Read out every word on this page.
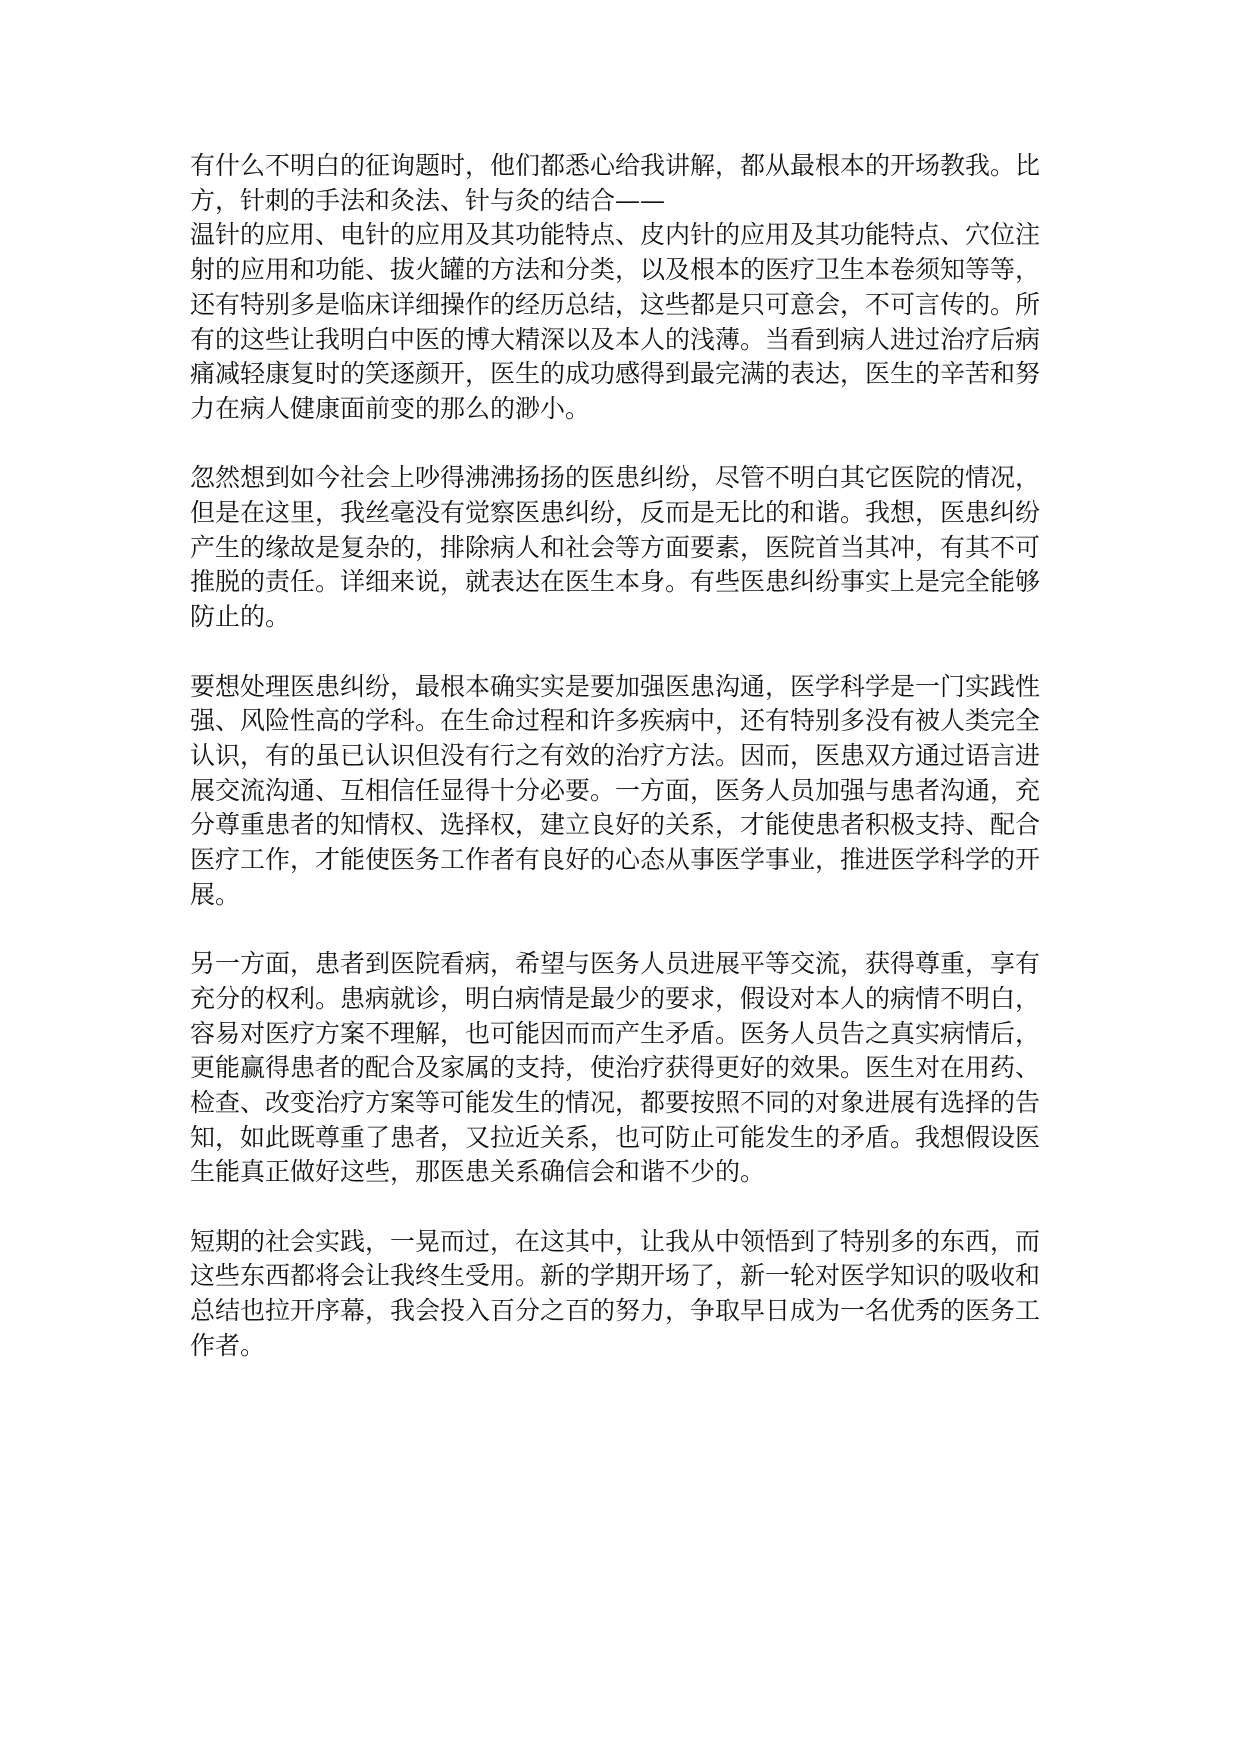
有什么不明白的征询题时，他们都悉心给我讲解，都从最根本的开场教我。比
方，针刺的手法和灸法、针与灸的结合——
温针的应用、电针的应用及其功能特点、皮内针的应用及其功能特点、穴位注
射的应用和功能、拔火罐的方法和分类，以及根本的医疗卫生本卷须知等等，
还有特别多是临床详细操作的经历总结，这些都是只可意会，不可言传的。所
有的这些让我明白中医的博大精深以及本人的浅薄。当看到病人进过治疗后病
痛减轻康复时的笑逐颜开，医生的成功感得到最完满的表达，医生的辛苦和努
力在病人健康面前变的那么的渺小。

忽然想到如今社会上吵得沸沸扬扬的医患纠纷，尽管不明白其它医院的情况，
但是在这里，我丝毫没有觉察医患纠纷，反而是无比的和谐。我想，医患纠纷
产生的缘故是复杂的，排除病人和社会等方面要素，医院首当其冲，有其不可
推脱的责任。详细来说，就表达在医生本身。有些医患纠纷事实上是完全能够
防止的。

要想处理医患纠纷，最根本确实实是要加强医患沟通，医学科学是一门实践性
强、风险性高的学科。在生命过程和许多疾病中，还有特别多没有被人类完全
认识，有的虽已认识但没有行之有效的治疗方法。因而，医患双方通过语言进
展交流沟通、互相信任显得十分必要。一方面，医务人员加强与患者沟通，充
分尊重患者的知情权、选择权，建立良好的关系，才能使患者积极支持、配合
医疗工作，才能使医务工作者有良好的心态从事医学事业，推进医学科学的开
展。

另一方面，患者到医院看病，希望与医务人员进展平等交流，获得尊重，享有
充分的权利。患病就诊，明白病情是最少的要求，假设对本人的病情不明白，
容易对医疗方案不理解，也可能因而而产生矛盾。医务人员告之真实病情后，
更能赢得患者的配合及家属的支持，使治疗获得更好的效果。医生对在用药、
检查、改变治疗方案等可能发生的情况，都要按照不同的对象进展有选择的告
知，如此既尊重了患者，又拉近关系，也可防止可能发生的矛盾。我想假设医
生能真正做好这些，那医患关系确信会和谐不少的。

短期的社会实践，一晃而过，在这其中，让我从中领悟到了特别多的东西，而
这些东西都将会让我终生受用。新的学期开场了，新一轮对医学知识的吸收和
总结也拉开序幕，我会投入百分之百的努力，争取早日成为一名优秀的医务工
作者。
